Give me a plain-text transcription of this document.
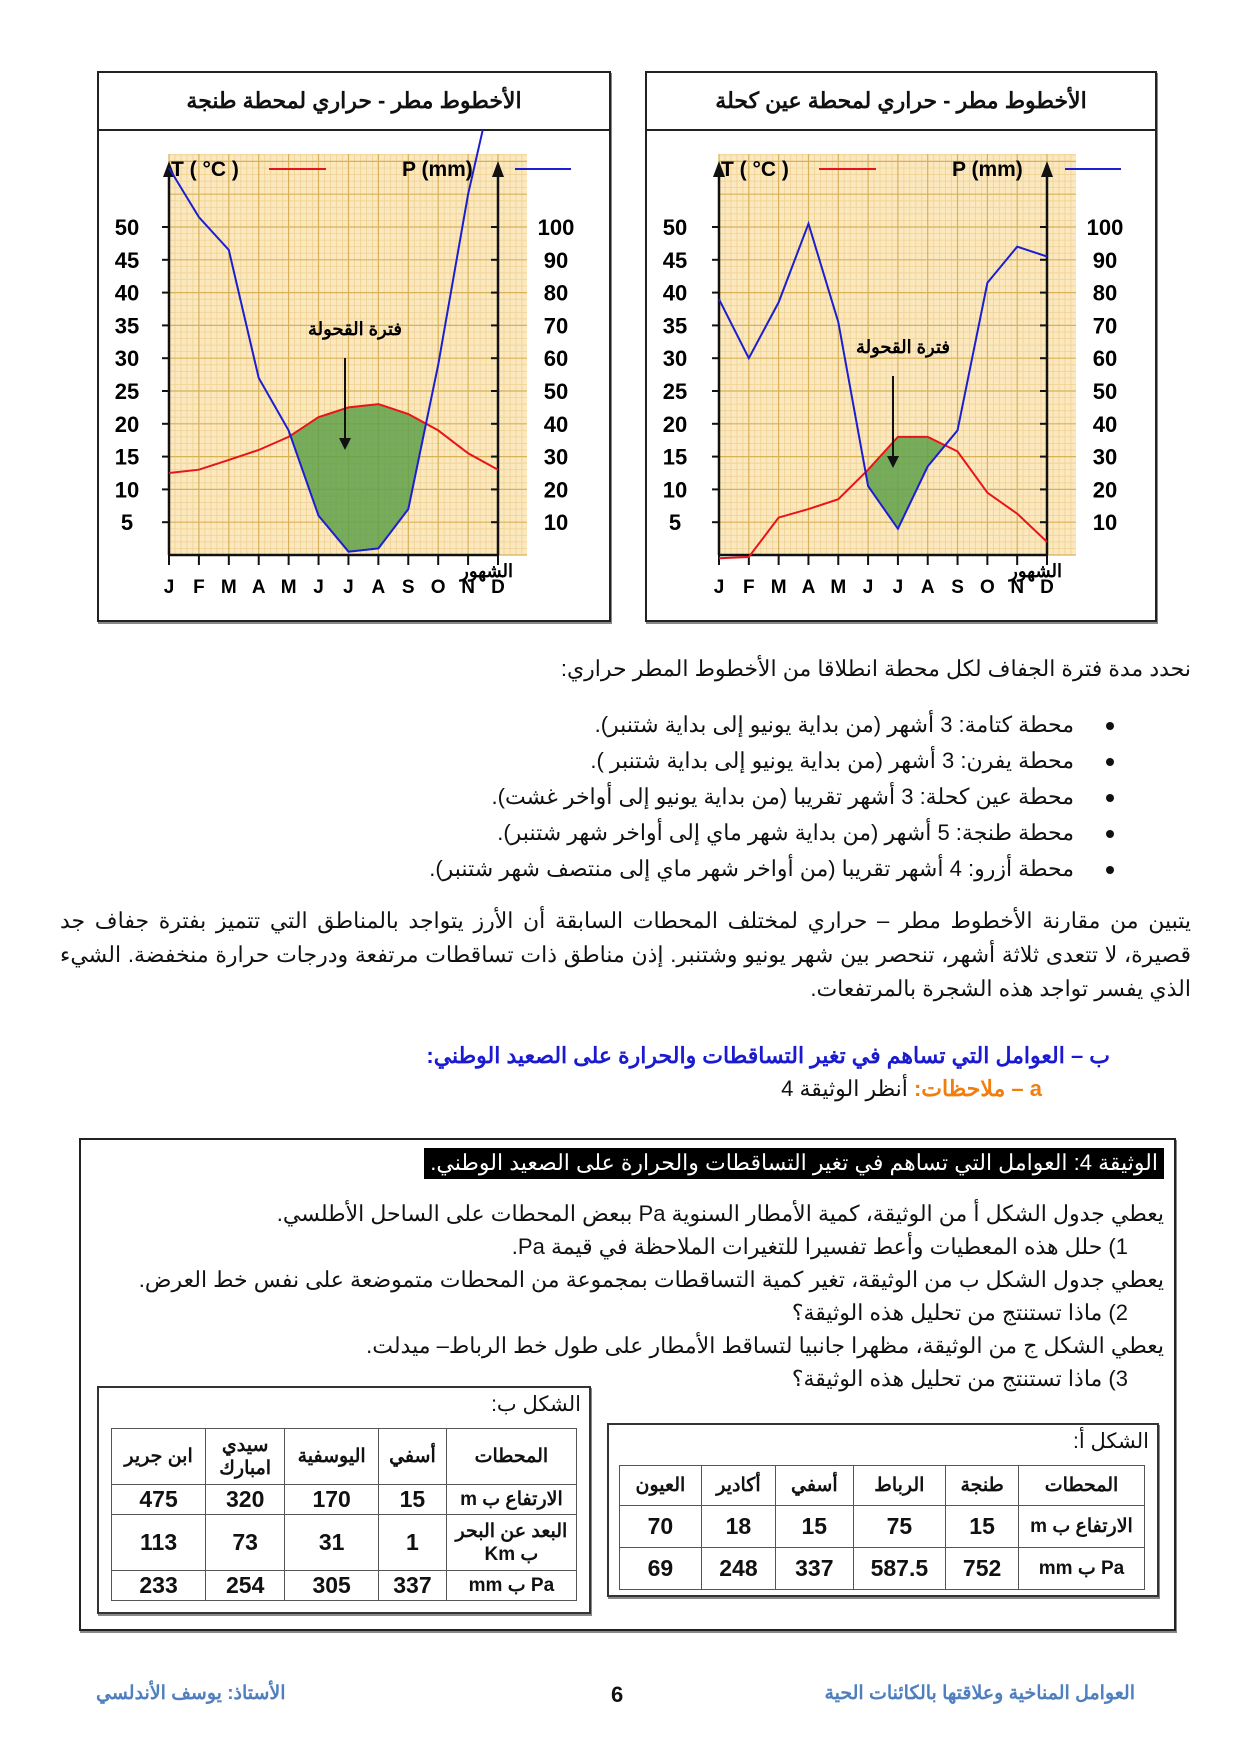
الأخطوط مطر - حراري لمحطة طنجة
5
10
15
20
25
30
35
40
45
50
10
20
30
40
50
60
70
80
90
100
J F M A M J J A S O N D
الشهور
T ( °C )	P (mm)
فترة القحولة
الأخطوط مطر - حراري لمحطة عين كحلة
5
10
15
20
25
30
35
40
45
50
10
20
30
40
50
60
70
80
90
100
J F M A M J J A S O N D
الشهور
T ( °C )	P (mm)
فترة القحولة
نحدد مدة فترة الجفاف لكل محطة انطلاقا من الأخطوط المطر حراري:
محطة كتامة: 3 أشهر (من بداية يونيو إلى بداية شتنبر).
محطة يفرن: 3 أشهر (من بداية يونيو إلى بداية شتنبر ).
محطة عين كحلة: 3 أشهر تقريبا (من بداية يونيو إلى أواخر غشت).
محطة طنجة: 5 أشهر (من بداية شهر ماي إلى أواخر شهر شتنبر).
محطة أزرو: 4 أشهر تقريبا (من أواخر شهر ماي إلى منتصف شهر شتنبر).
يتبين من مقارنة الأخطوط مطر – حراري لمختلف المحطات السابقة أن الأرز يتواجد بالمناطق التي تتميز بفترة جفاف جد قصيرة، لا تتعدى ثلاثة أشهر، تنحصر بين شهر يونيو وشتنبر. إذن مناطق ذات تساقطات مرتفعة ودرجات حرارة منخفضة. الشيء الذي يفسر تواجد هذه الشجرة بالمرتفعات.
ب – العوامل التي تساهم في تغير التساقطات والحرارة على الصعيد الوطني:
a – ملاحظات: أنظر الوثيقة 4
الوثيقة 4: العوامل التي تساهم في تغير التساقطات والحرارة على الصعيد الوطني.
يعطي جدول الشكل أ من الوثيقة، كمية الأمطار السنوية Pa ببعض المحطات على الساحل الأطلسي.
1) حلل هذه المعطيات وأعط تفسيرا للتغيرات الملاحظة في قيمة Pa.
يعطي جدول الشكل ب من الوثيقة، تغير كمية التساقطات بمجموعة من المحطات متموضعة على نفس خط العرض.
2) ماذا تستنتج من تحليل هذه الوثيقة؟
يعطي الشكل ج من الوثيقة، مظهرا جانبيا لتساقط الأمطار على طول خط الرباط– ميدلت.
3) ماذا تستنتج من تحليل هذه الوثيقة؟
الشكل ب:
المحطات	أسفي	اليوسفية	سيدي امبارك	ابن جرير
الارتفاع ب m	15	170	320	475
البعد عن البحر ب Km	1	31	73	113
Pa ب mm	337	305	254	233
الشكل أ:
المحطات	طنجة	الرباط	أسفي	أكادير	العيون
الارتفاع ب m	15	75	15	18	70
Pa ب mm	752	587.5	337	248	69
العوامل المناخية وعلاقتها بالكائنات الحية
6
الأستاذ: يوسف الأندلسي
